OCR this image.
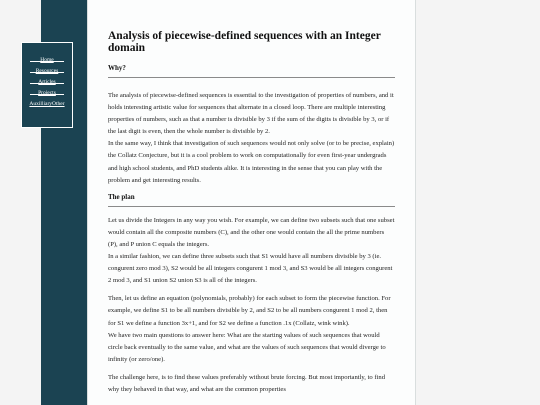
Home
Resources
Articles
Projects
AuxilliaryOther
Analysis of piecewise-defined sequences with an Integer domain
Why?

The analysis of piecewise-defined sequences is essential to the investigation of properties of numbers, and it holds interesting artistic value for sequences that alternate in a closed loop. There are multiple interesting properties of numbers, such as that a number is divisible by 3 if the sum of the digits is divisible by 3, or if the last digit is even, then the whole number is divisible by 2.

In the same way, I think that investigation of such sequences would not only solve (or to be precise, explain) the Collatz Conjecture, but it is a cool problem to work on computationally for even first-year undergrads and high school students, and PhD students alike. It is interesting in the sense that you can play with the problem and get interesting results.

The plan

Let us divide the Integers in any way you wish. For example, we can define two subsets such that one subset would contain all the composite numbers (C), and the other one would contain the all the prime numbers (P), and P union C equals the integers.

In a similar fashion, we can define three subsets such that S1 would have all numbers divisible by 3 (ie. congurent zero mod 3), S2 would be all integers congurent 1 mod 3, and S3 would be all integers congurent 2 mod 3, and S1 union S2 union S3 is all of the integers.

Then, let us define an equation (polynomials, probably) for each subset to form the piecewise function. For example, we define S1 to be all numbers divisible by 2, and S2 to be all numbers congurent 1 mod 2, then for S1 we define a function 3x+1, and for S2 we define a function .1x (Collatz, wink wink).

We have two main questions to answer here: What are the starting values of such sequences that would circle back eventually to the same value, and what are the values of such sequences that would diverge to infinity (or zero/one).

The challenge here, is to find these values preferably without brute forcing. But most importantly, to find why they behaved in that way, and what are the common properties
